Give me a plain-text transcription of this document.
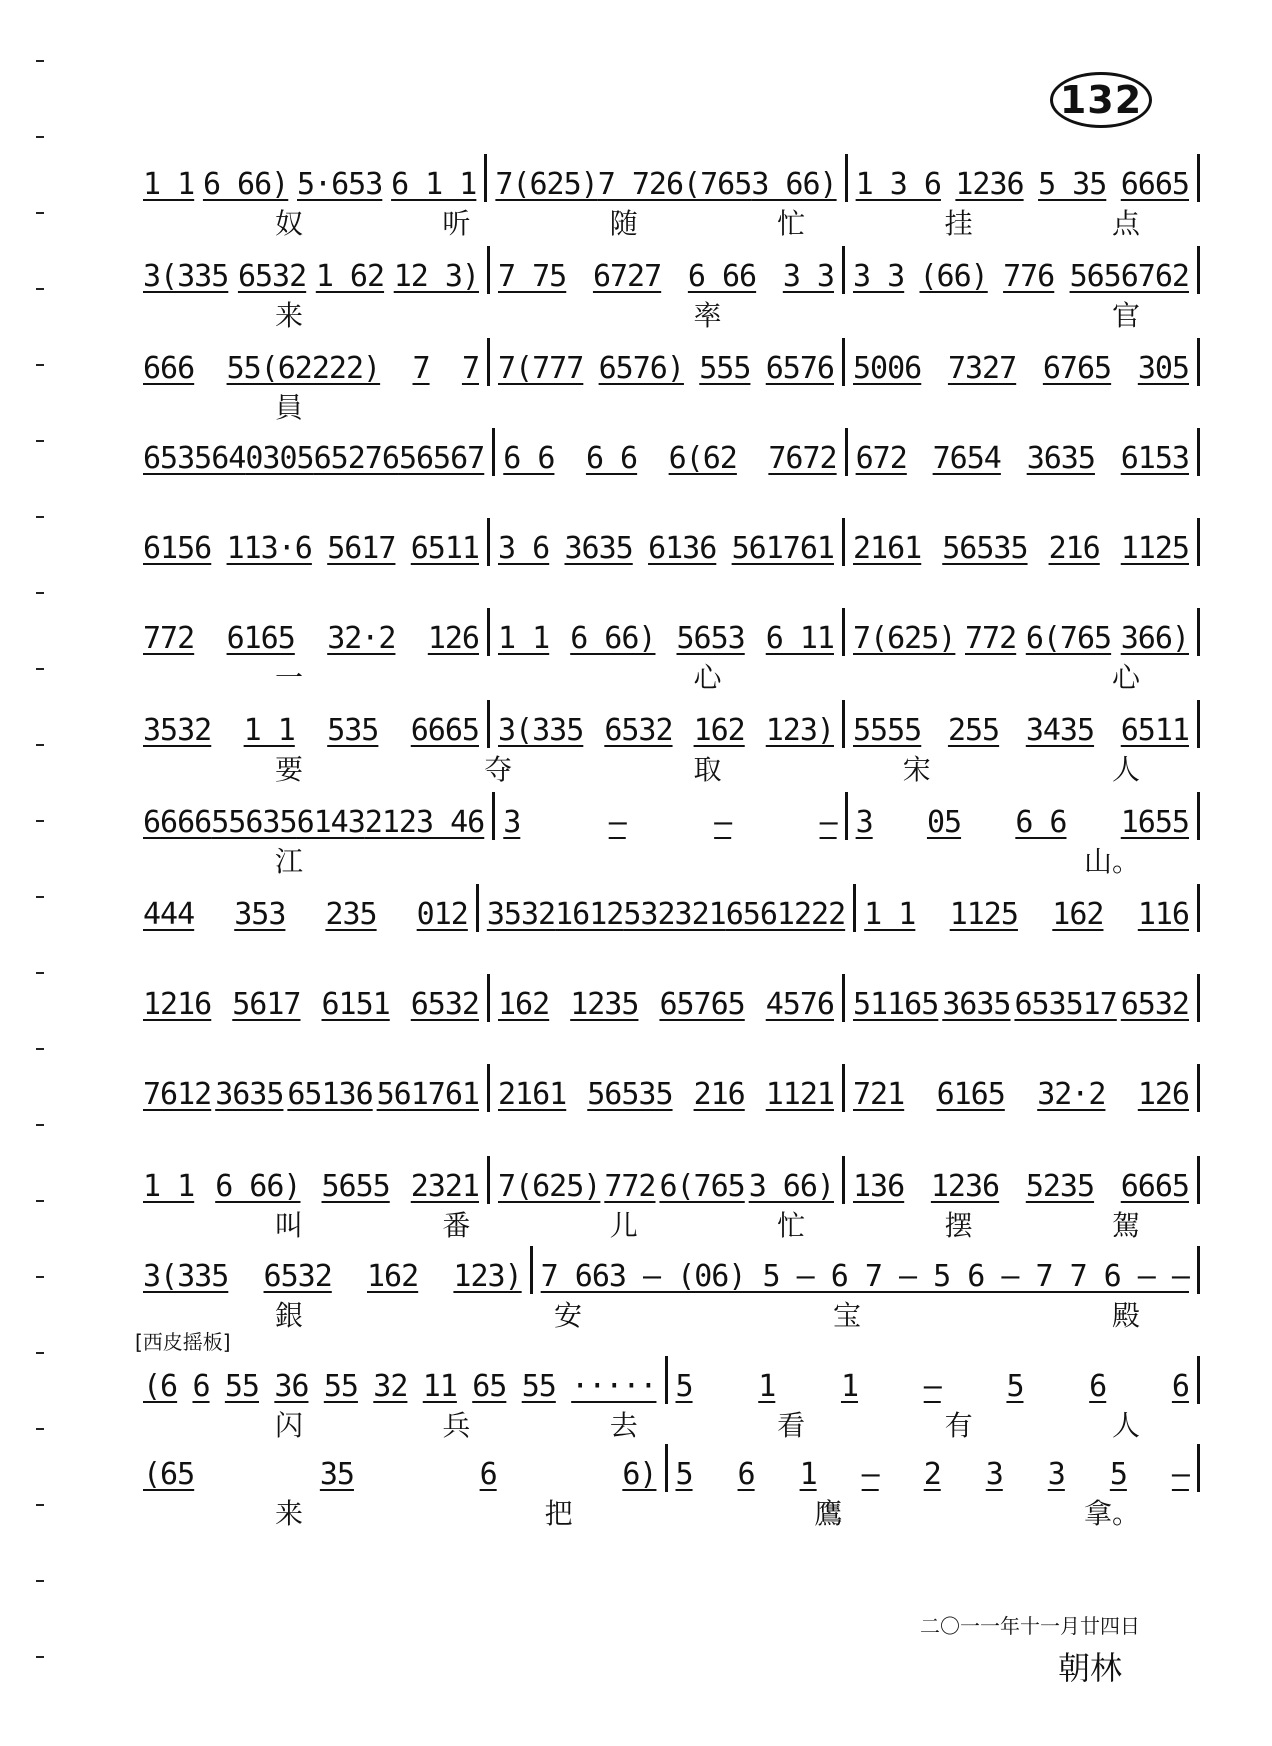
132
1 1 6 66) 5·653 6 1 1 7(625) 7 72 6(765 3 66) 1 3 6 1236 5 35 6665
奴	听	随	忙	挂	点
3(335 6532 1 62 12 3) 7 75 6727 6 66 3 3 3 3 (66) 776 5656762
来	率	官
666 55(62222) 7 7 7(777 6576) 555 6576 5006 7327 6765 305
員
653564 0305 65276 56567 6 6 6 6 6(62 7672 672 7654 3635 6153
6156 113·6 5617 6511 3 6 3635 6136 561761 2161 56535 216 1125
772 6165 32·2 126 1 1 6 66) 5653 6 11 7(625) 772 6(765 366)
一	心	心
3532 1 1 535 6665 3(335 6532 162 123) 5555 255 3435 6511
要	夺	取	宋	人
6666 55635 6143 2123 46 3	—	—	— 3 05 6 6 1655
江	山。
444 353 235 012 3532 1612 532321 6561222 1 1 1125 162 116
1216 5617 6151 6532 162 1235 65765 4576 51165 3635 653517 6532
7612 3635 65136 561761 2161 56535 216 1121 721 6165 32·2 126
1 1 6 66) 5655 2321 7(625) 772 6(765 3 66) 136 1236 5235 6665
叫	番	儿	忙	摆	駕
3(335 6532 162 123) 7 663 — (06) 5 — 6 7 — 5 6 — 7 7 6 — —
銀	安	宝	殿
[西皮摇板]
(6 6 55 36 55 32 11 65 55 ····· 5 1 1 — 5 6 6
闪	兵	去	看	有	人
(65	35	6	6) 5 6 1 — 2 3 3 5 —
来	把	鷹	拿。
二〇一一年十一月廿四日
朝林
